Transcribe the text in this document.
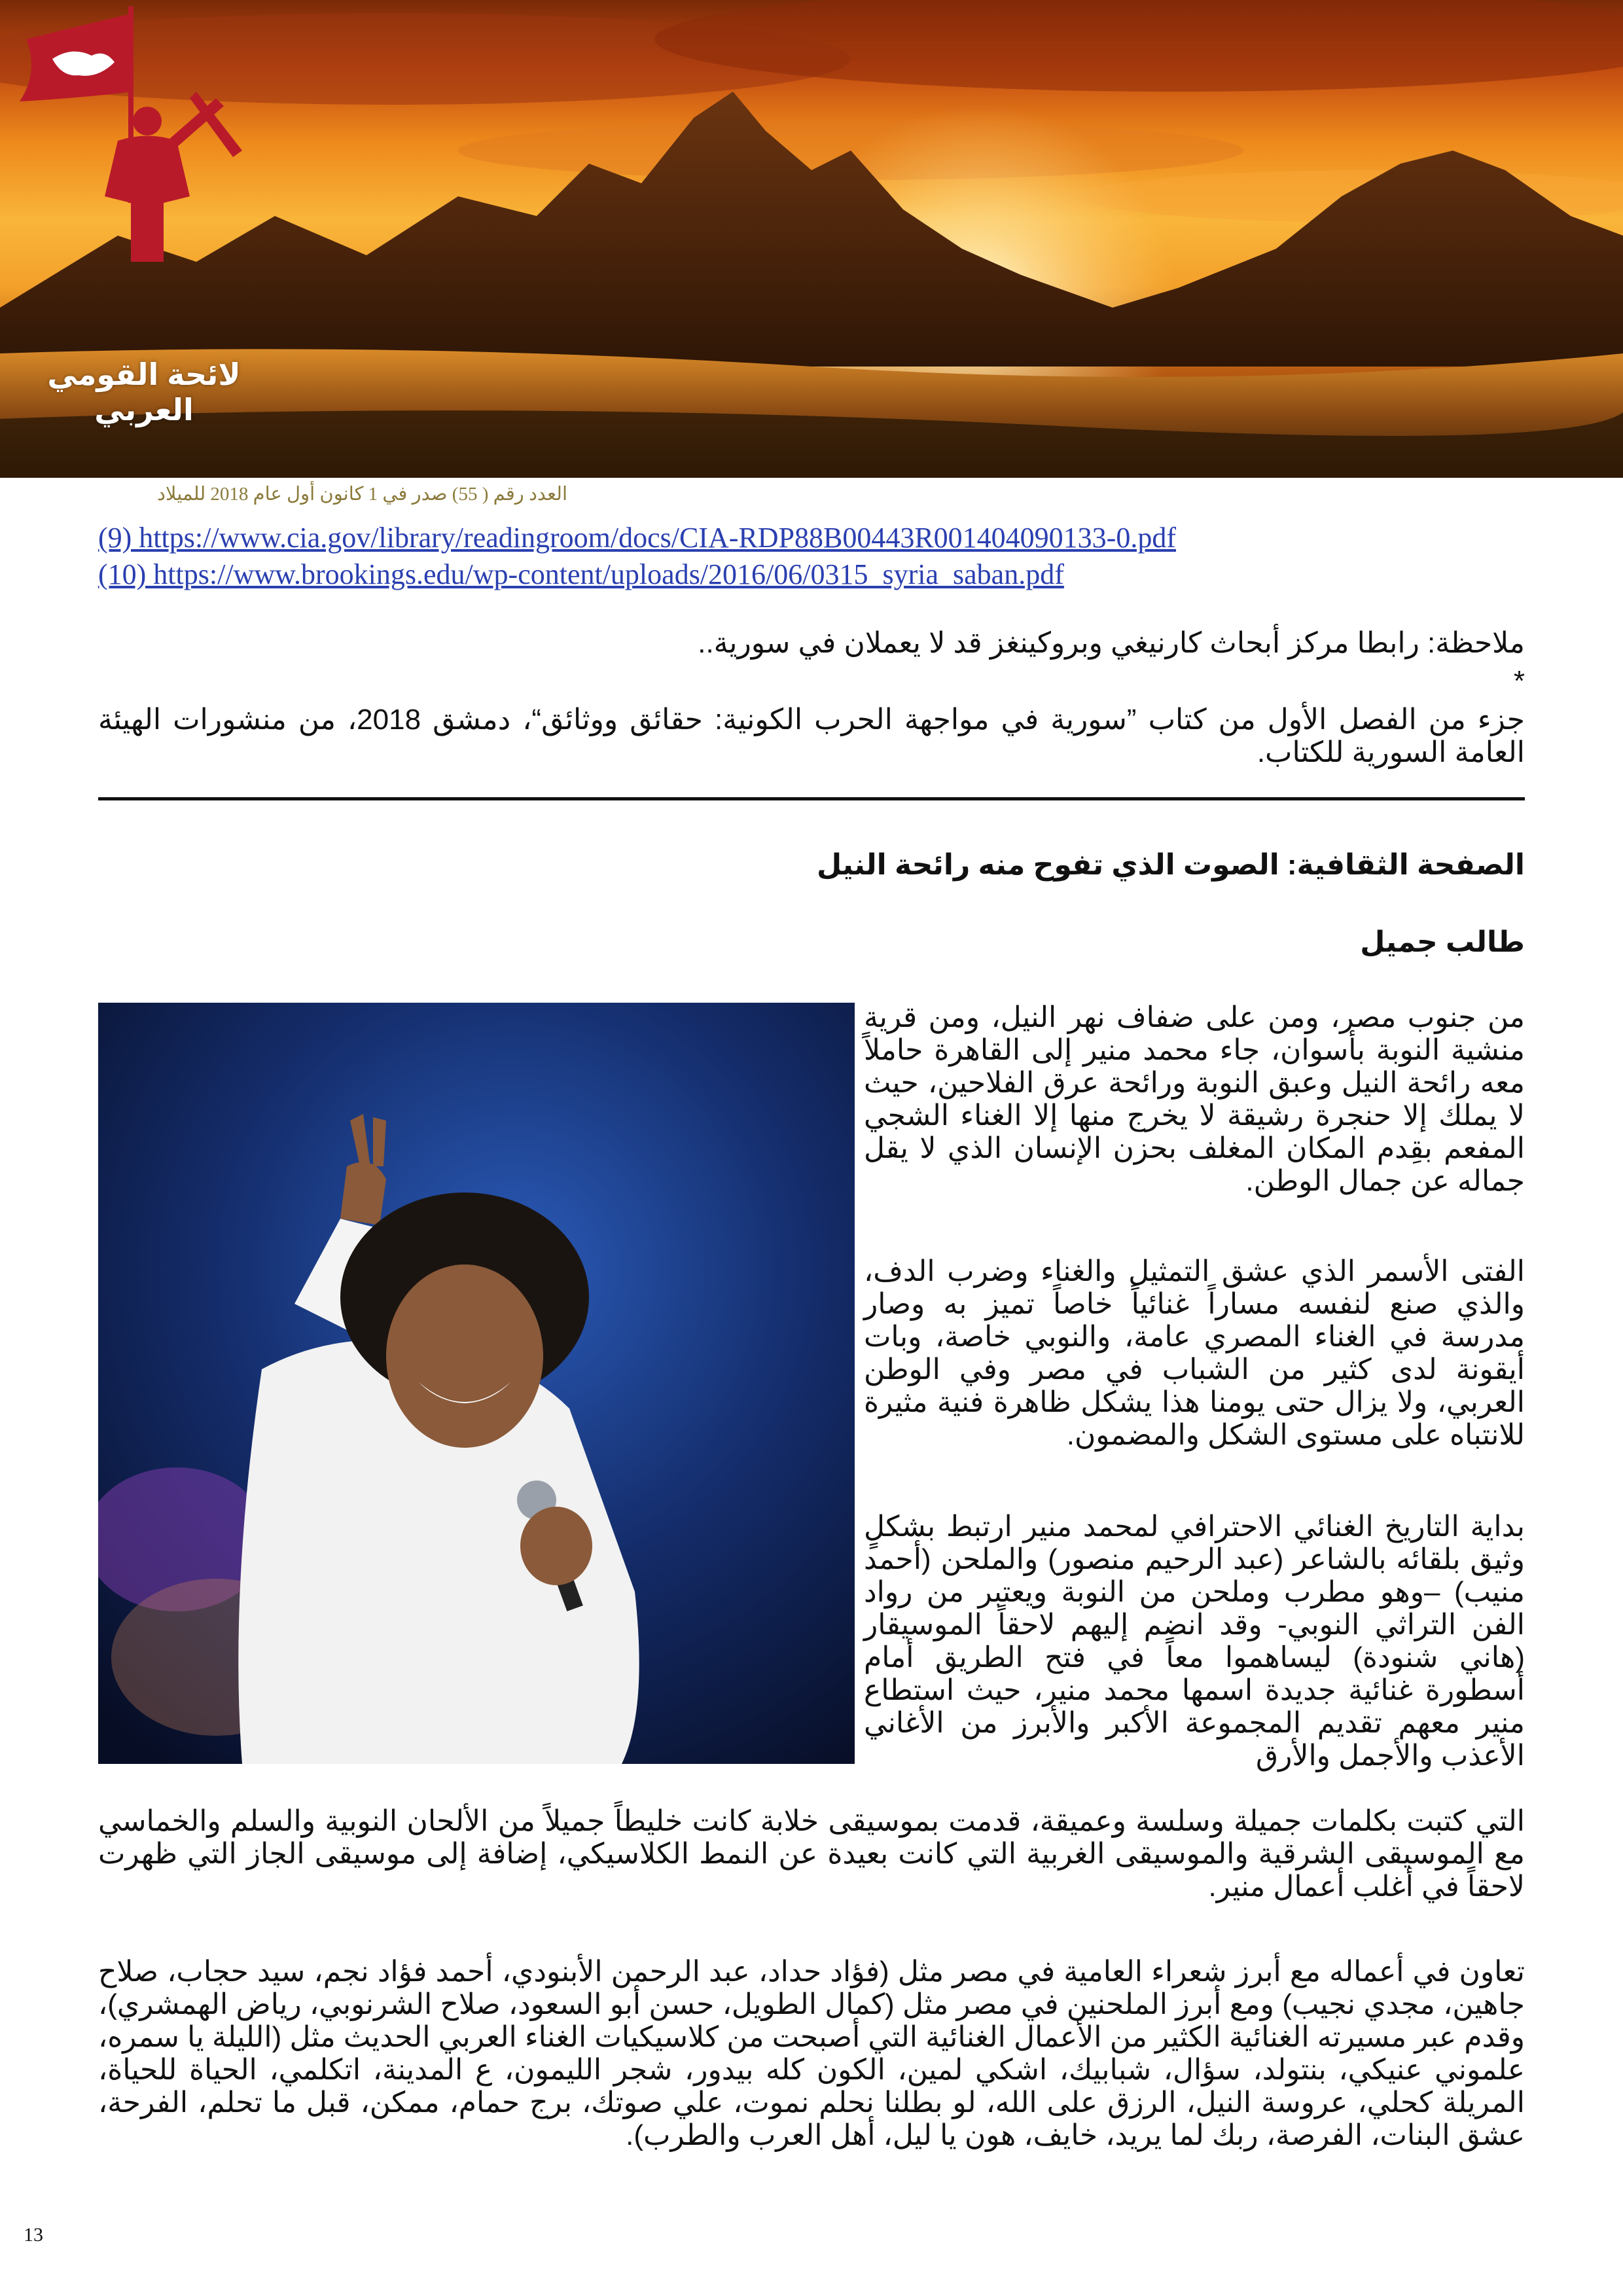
لائحة القومي العربي
العدد رقم ( 55) صدر في 1 كانون أول عام 2018 للميلاد
(9) https://www.cia.gov/library/readingroom/docs/CIA-RDP88B00443R001404090133-0.pdf
(10) https://www.brookings.edu/wp-content/uploads/2016/06/0315_syria_saban.pdf
ملاحظة: رابطا مركز أبحاث كارنيغي وبروكينغز قد لا يعملان في سورية..
*
جزء من الفصل الأول من كتاب ”سورية في مواجهة الحرب الكونية: حقائق ووثائق“، دمشق 2018، من منشورات الهيئة العامة السورية للكتاب.
الصفحة الثقافية: الصوت الذي تفوح منه رائحة النيل
طالب جميل
من جنوب مصر، ومن على ضفاف نهر النيل، ومن قرية منشية النوبة بأسوان، جاء محمد منير إلى القاهرة حاملاً معه رائحة النيل وعبق النوبة ورائحة عرق الفلاحين، حيث لا يملك إلا حنجرة رشيقة لا يخرج منها إلا الغناء الشجي المفعم بقِدم المكان المغلف بحزن الإنسان الذي لا يقل جماله عن جمال الوطن.
الفتى الأسمر الذي عشق التمثيل والغناء وضرب الدف، والذي صنع لنفسه مساراً غنائياً خاصاً تميز به وصار مدرسة في الغناء المصري عامة، والنوبي خاصة، وبات أيقونة لدى كثير من الشباب في مصر وفي الوطن العربي، ولا يزال حتى يومنا هذا يشكل ظاهرة فنية مثيرة للانتباه على مستوى الشكل والمضمون.
بداية التاريخ الغنائي الاحترافي لمحمد منير ارتبط بشكلٍ وثيق بلقائه بالشاعر (عبد الرحيم منصور) والملحن (أحمد منيب) –وهو مطرب وملحن من النوبة ويعتبر من رواد الفن التراثي النوبي- وقد انضم إليهم لاحقاً الموسيقار (هاني شنودة) ليساهموا معاً في فتح الطريق أمام أسطورة غنائية جديدة اسمها محمد منير، حيث استطاع منير معهم تقديم المجموعة الأكبر والأبرز من الأغاني الأعذب والأجمل والأرق
التي كتبت بكلمات جميلة وسلسة وعميقة، قدمت بموسيقى خلابة كانت خليطاً جميلاً من الألحان النوبية والسلم والخماسي مع الموسيقى الشرقية والموسيقى الغربية التي كانت بعيدة عن النمط الكلاسيكي، إضافة إلى موسيقى الجاز التي ظهرت لاحقاً في أغلب أعمال منير.
تعاون في أعماله مع أبرز شعراء العامية في مصر مثل (فؤاد حداد، عبد الرحمن الأبنودي، أحمد فؤاد نجم، سيد حجاب، صلاح جاهين، مجدي نجيب) ومع أبرز الملحنين في مصر مثل (كمال الطويل، حسن أبو السعود، صلاح الشرنوبي، رياض الهمشري)، وقدم عبر مسيرته الغنائية الكثير من الأعمال الغنائية التي أصبحت من كلاسيكيات الغناء العربي الحديث مثل (الليلة يا سمره، علموني عنيكي، بنتولد، سؤال، شبابيك، اشكي لمين، الكون كله بيدور، شجر الليمون، ع المدينة، اتكلمي، الحياة للحياة، المريلة كحلي، عروسة النيل، الرزق على الله، لو بطلنا نحلم نموت، علي صوتك، برج حمام، ممكن، قبل ما تحلم، الفرحة، عشق البنات، الفرصة، ربك لما يريد، خايف، هون يا ليل، أهل العرب والطرب).
13
